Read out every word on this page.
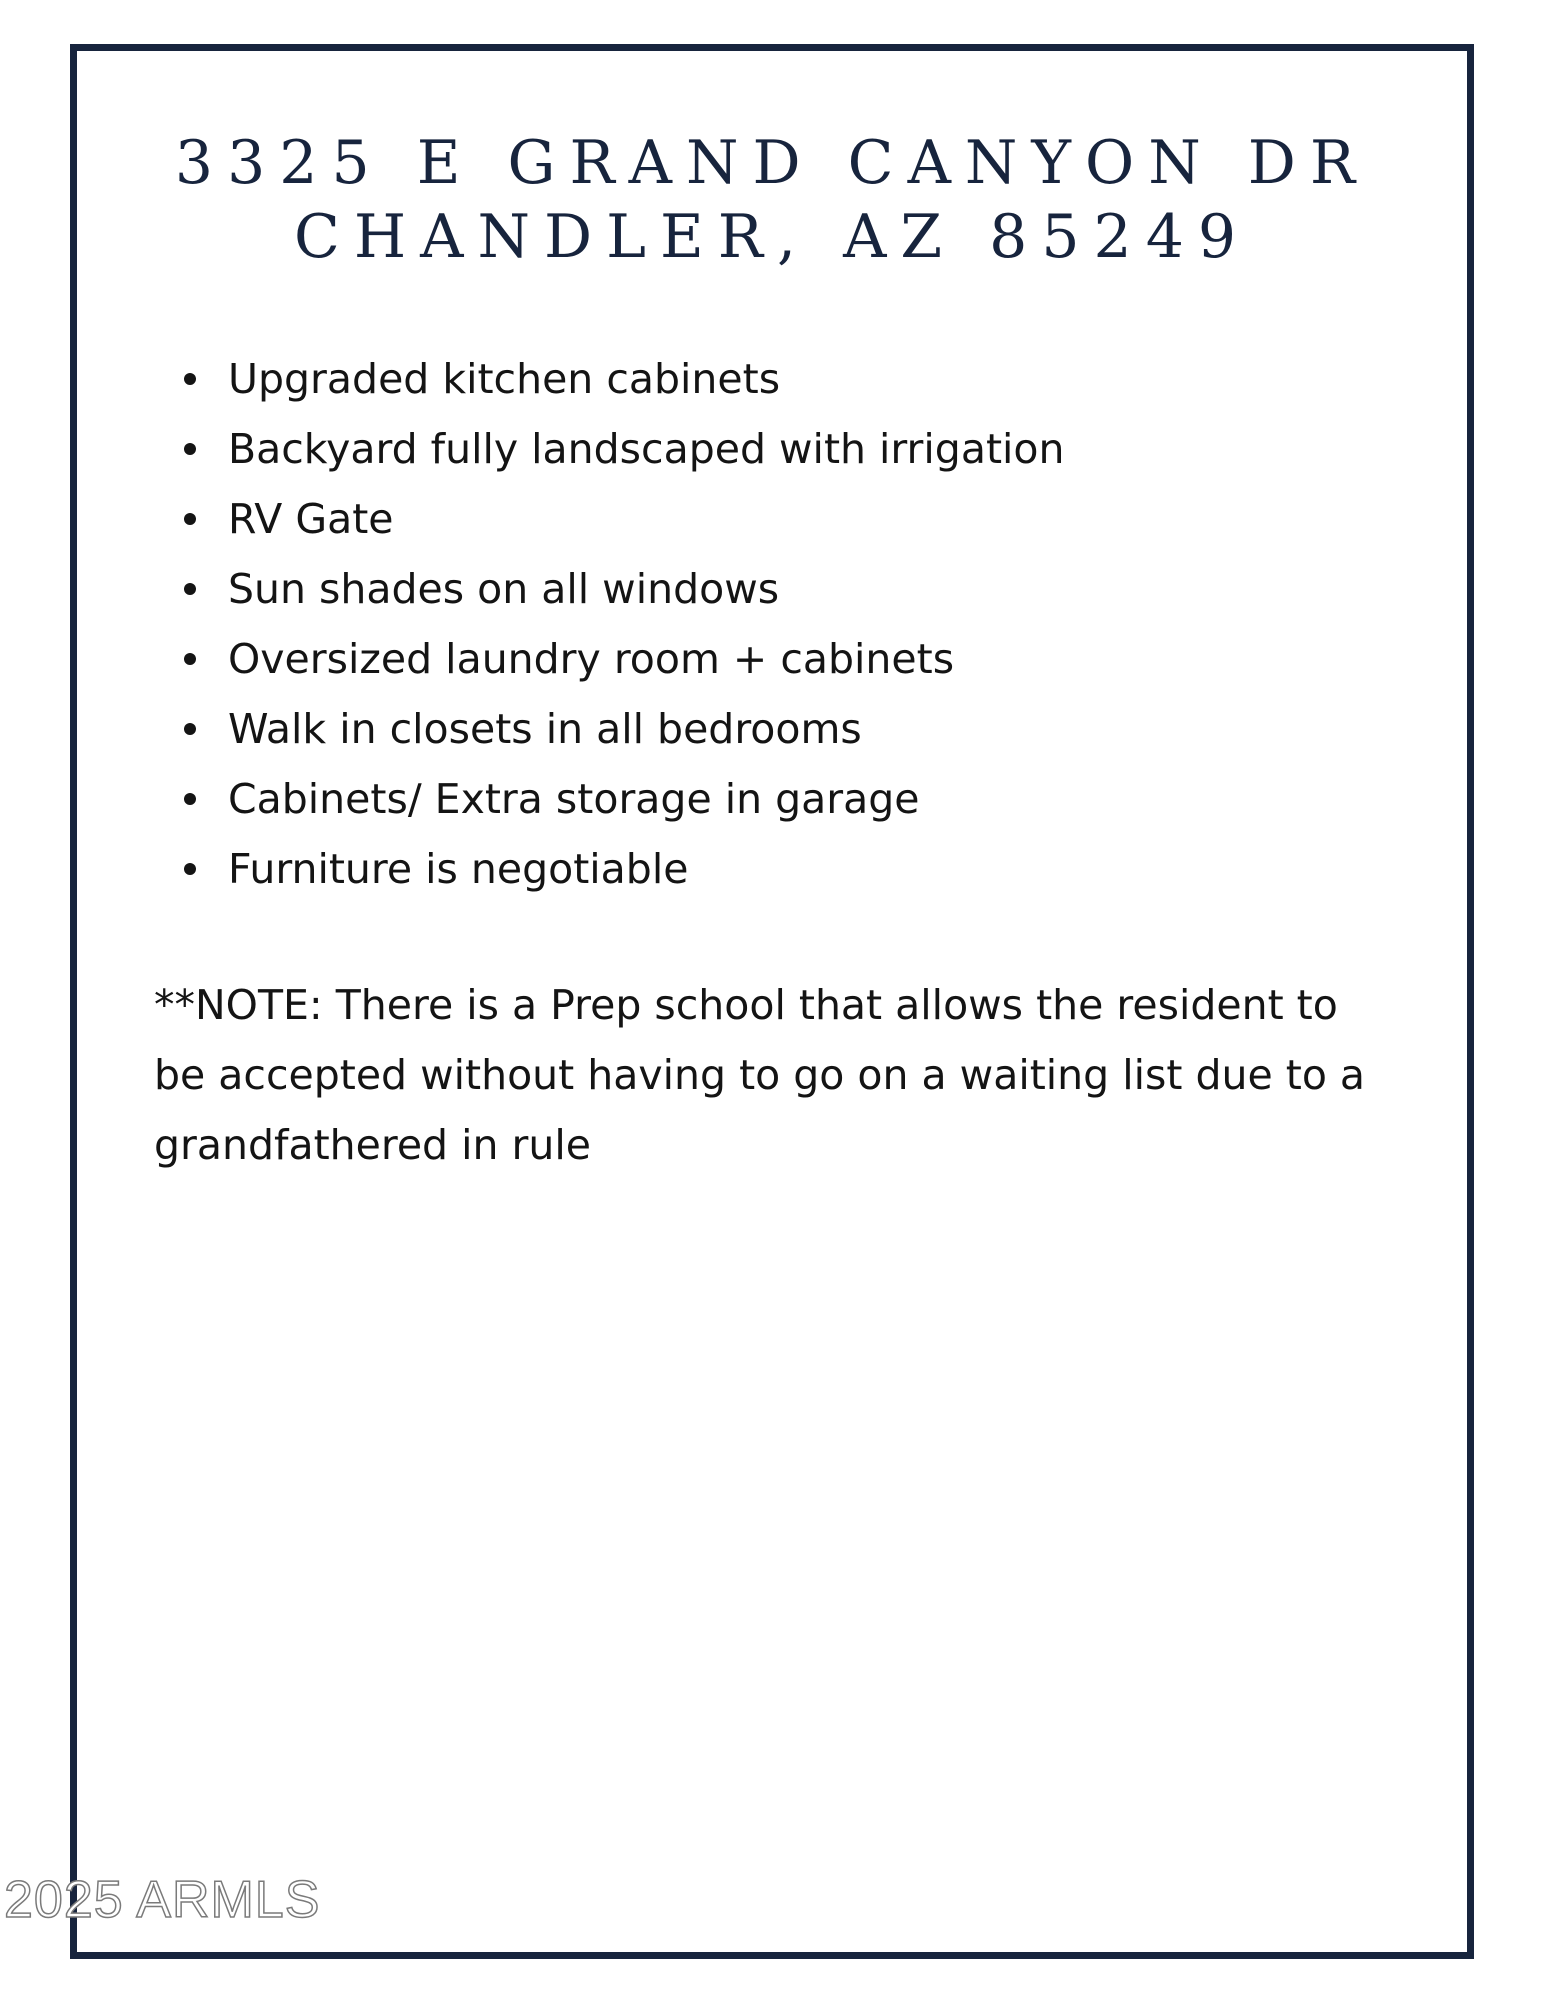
3325 E GRAND CANYON DR
CHANDLER, AZ 85249
Upgraded kitchen cabinets
Backyard fully landscaped with irrigation
RV Gate
Sun shades on all windows
Oversized laundry room + cabinets
Walk in closets in all bedrooms
Cabinets/ Extra storage in garage
Furniture is negotiable

**NOTE: There is a Prep school that allows the resident to be accepted without having to go on a waiting list due to a grandfathered in rule

2025 ARMLS
